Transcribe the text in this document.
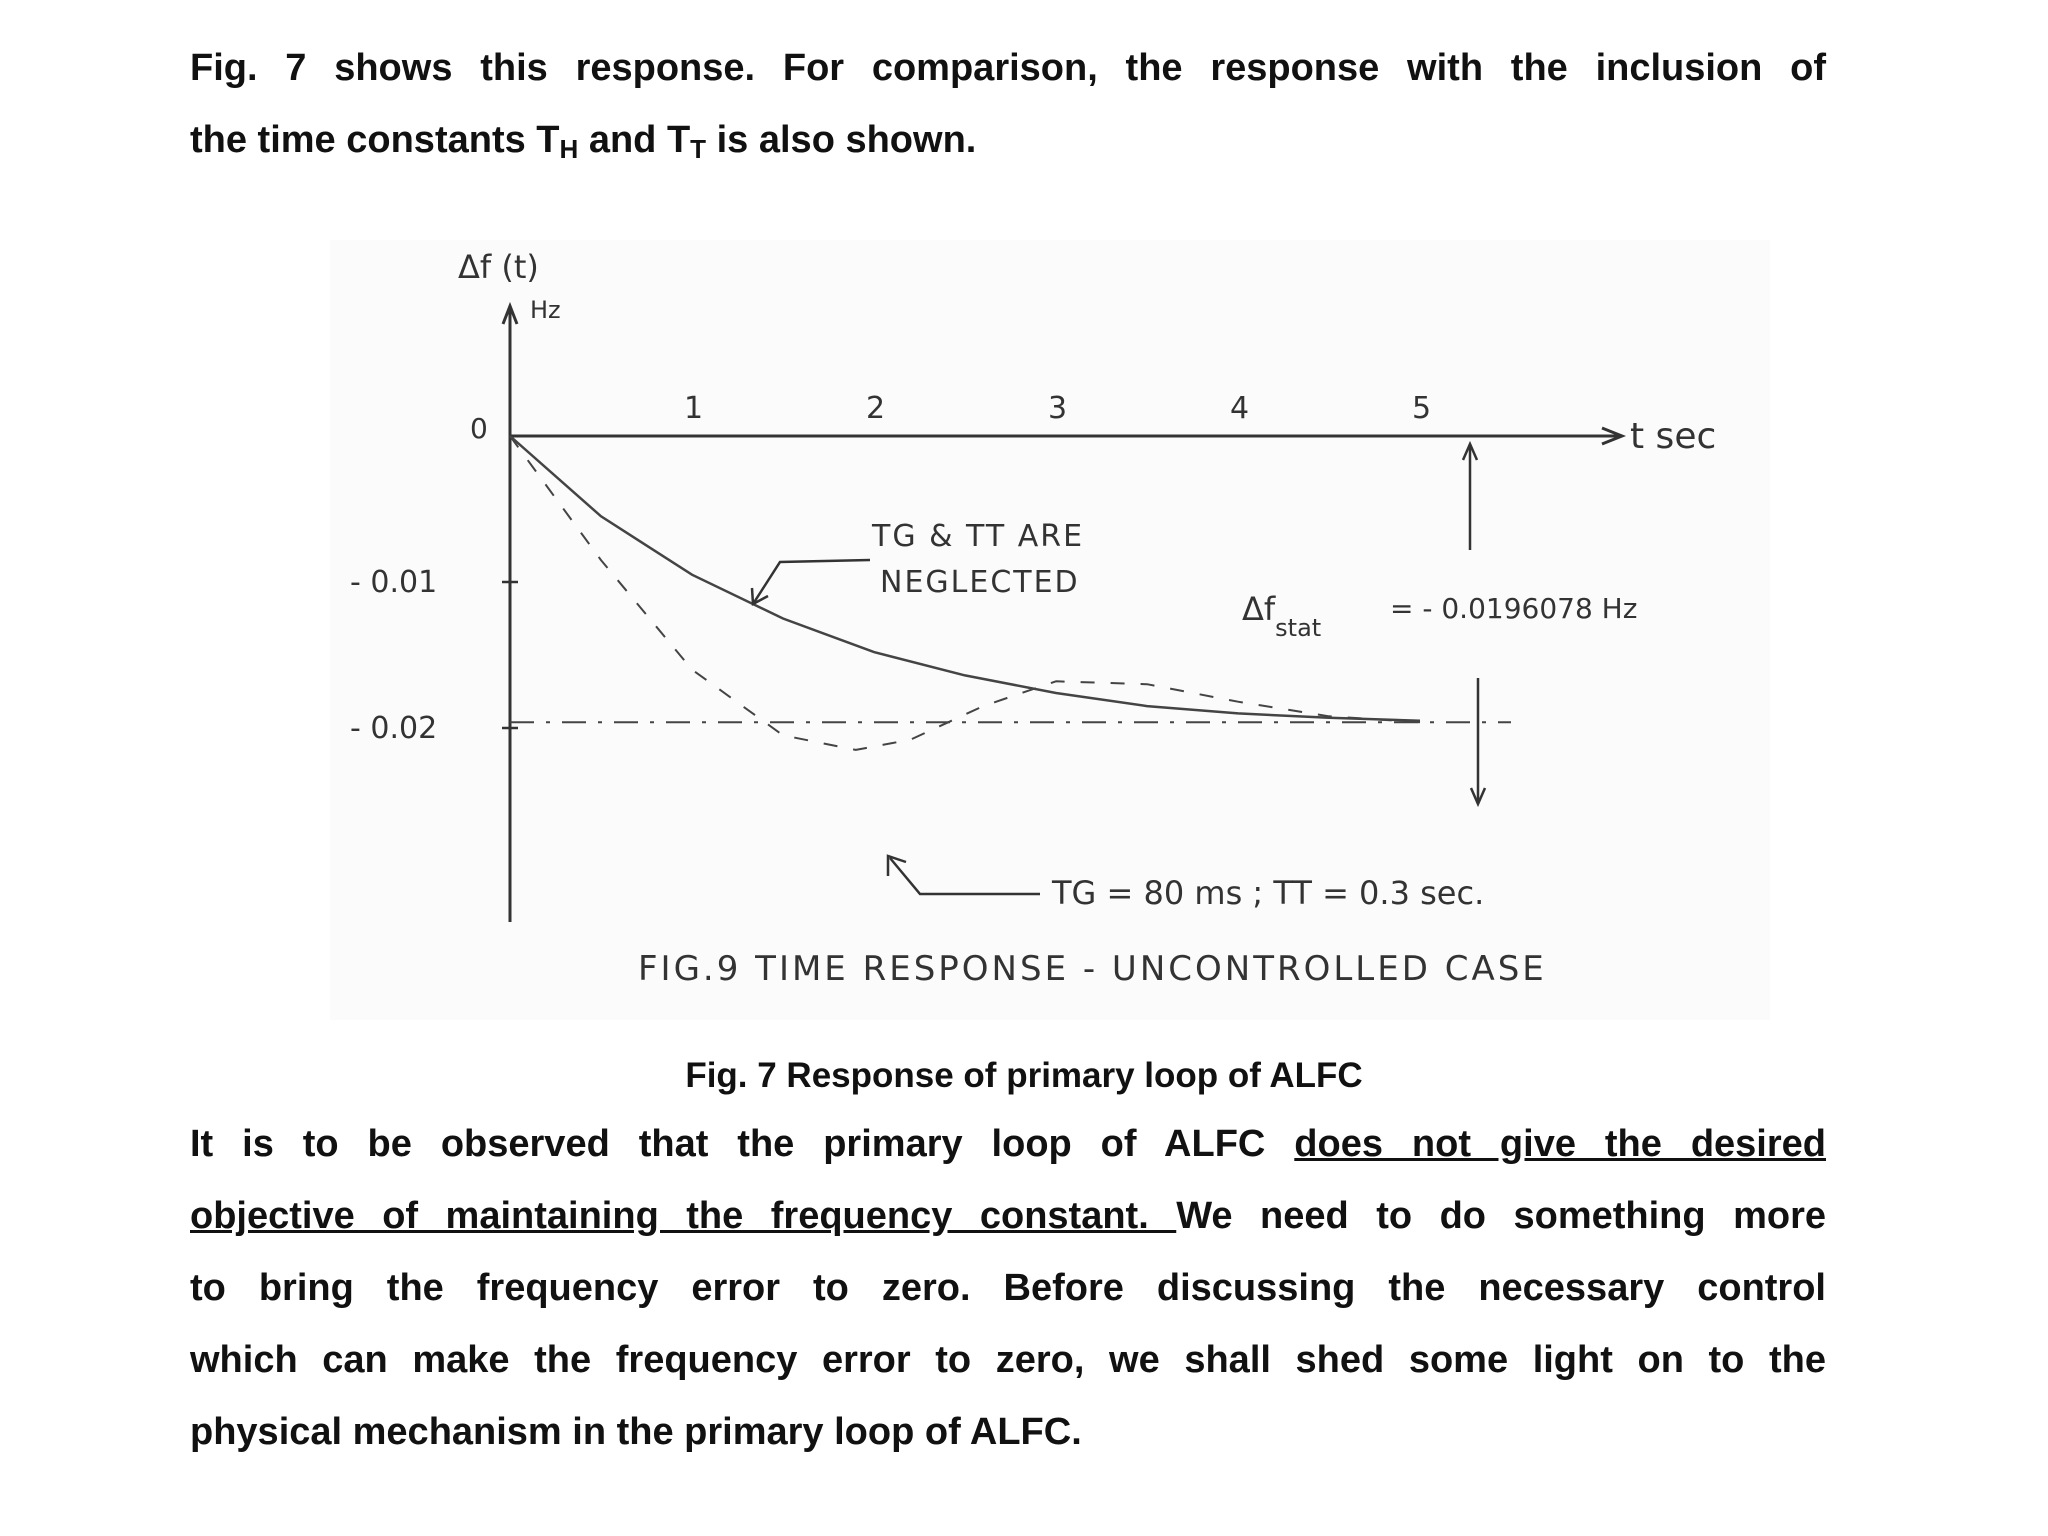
Fig. 7 shows this response. For comparison, the response with the inclusion of
the time constants $T_H$ and $T_T$ is also shown.
Δf (t)
Hz
t sec
0
- 0.01
- 0.02
1	2	3	4	5
TG & TT ARE
NEGLECTED
$\Delta f_{stat}$
= - 0.0196078 Hz
TG = 80 ms ; TT = 0.3 sec.
FIG.9 TIME RESPONSE - UNCONTROLLED CASE
Fig. 7 Response of primary loop of ALFC
It is to be observed that the primary loop of ALFC does not give the desired
objective of maintaining the frequency constant. We need to do something more
to bring the frequency error to zero. Before discussing the necessary control
which can make the frequency error to zero, we shall shed some light on to the
physical mechanism in the primary loop of ALFC.
